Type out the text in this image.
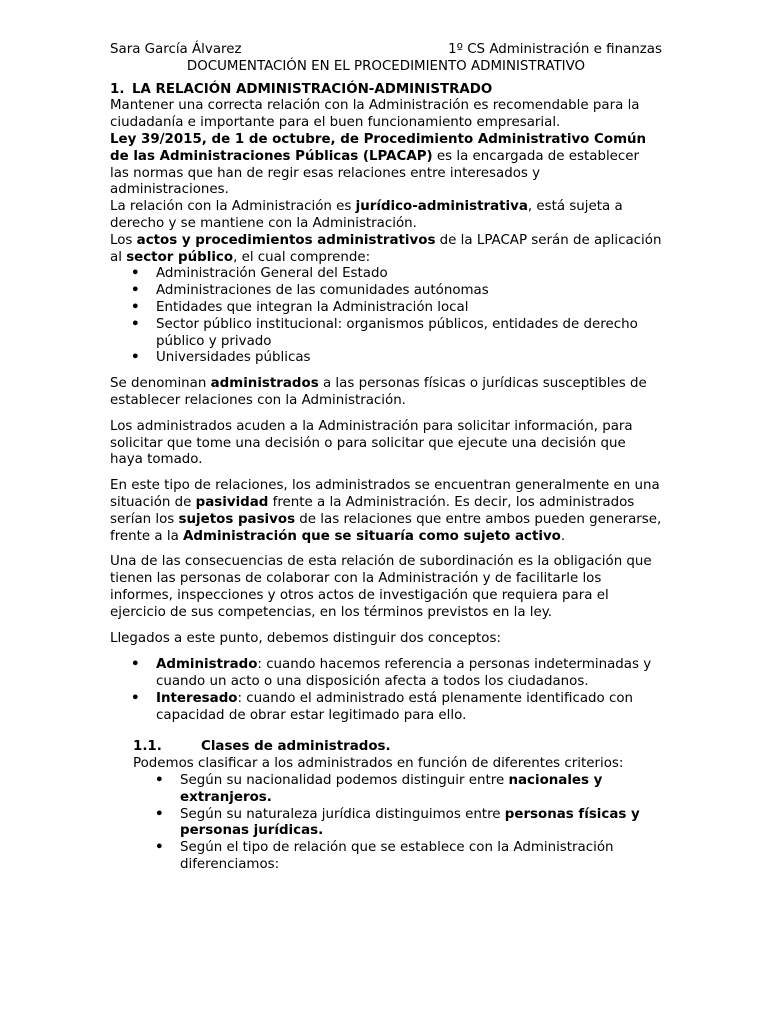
Sara García Álvarez	1º CS Administración e finanzas
DOCUMENTACIÓN EN EL PROCEDIMIENTO ADMINISTRATIVO
1. LA RELACIÓN ADMINISTRACIÓN-ADMINISTRADO

Mantener una correcta relación con la Administración es recomendable para la ciudadanía e importante para el buen funcionamiento empresarial.

Ley 39/2015, de 1 de octubre, de Procedimiento Administrativo Común de las Administraciones Públicas (LPACAP) es la encargada de establecer las normas que han de regir esas relaciones entre interesados y administraciones.

La relación con la Administración es jurídico-administrativa, está sujeta a derecho y se mantiene con la Administración.

Los actos y procedimientos administrativos de la LPACAP serán de aplicación al sector público, el cual comprende:

• Administración General del Estado
• Administraciones de las comunidades autónomas
• Entidades que integran la Administración local
• Sector público institucional: organismos públicos, entidades de derecho público y privado
• Universidades públicas

Se denominan administrados a las personas físicas o jurídicas susceptibles de establecer relaciones con la Administración.

Los administrados acuden a la Administración para solicitar información, para solicitar que tome una decisión o para solicitar que ejecute una decisión que haya tomado.

En este tipo de relaciones, los administrados se encuentran generalmente en una situación de pasividad frente a la Administración. Es decir, los administrados serían los sujetos pasivos de las relaciones que entre ambos pueden generarse, frente a la Administración que se situaría como sujeto activo.

Una de las consecuencias de esta relación de subordinación es la obligación que tienen las personas de colaborar con la Administración y de facilitarle los informes, inspecciones y otros actos de investigación que requiera para el ejercicio de sus competencias, en los términos previstos en la ley.

Llegados a este punto, debemos distinguir dos conceptos:

• Administrado: cuando hacemos referencia a personas indeterminadas y cuando un acto o una disposición afecta a todos los ciudadanos.
• Interesado: cuando el administrado está plenamente identificado con capacidad de obrar estar legitimado para ello.
1.1.	Clases de administrados.

Podemos clasificar a los administrados en función de diferentes criterios:

• Según su nacionalidad podemos distinguir entre nacionales y extranjeros.
• Según su naturaleza jurídica distinguimos entre personas físicas y personas jurídicas.
• Según el tipo de relación que se establece con la Administración diferenciamos:
